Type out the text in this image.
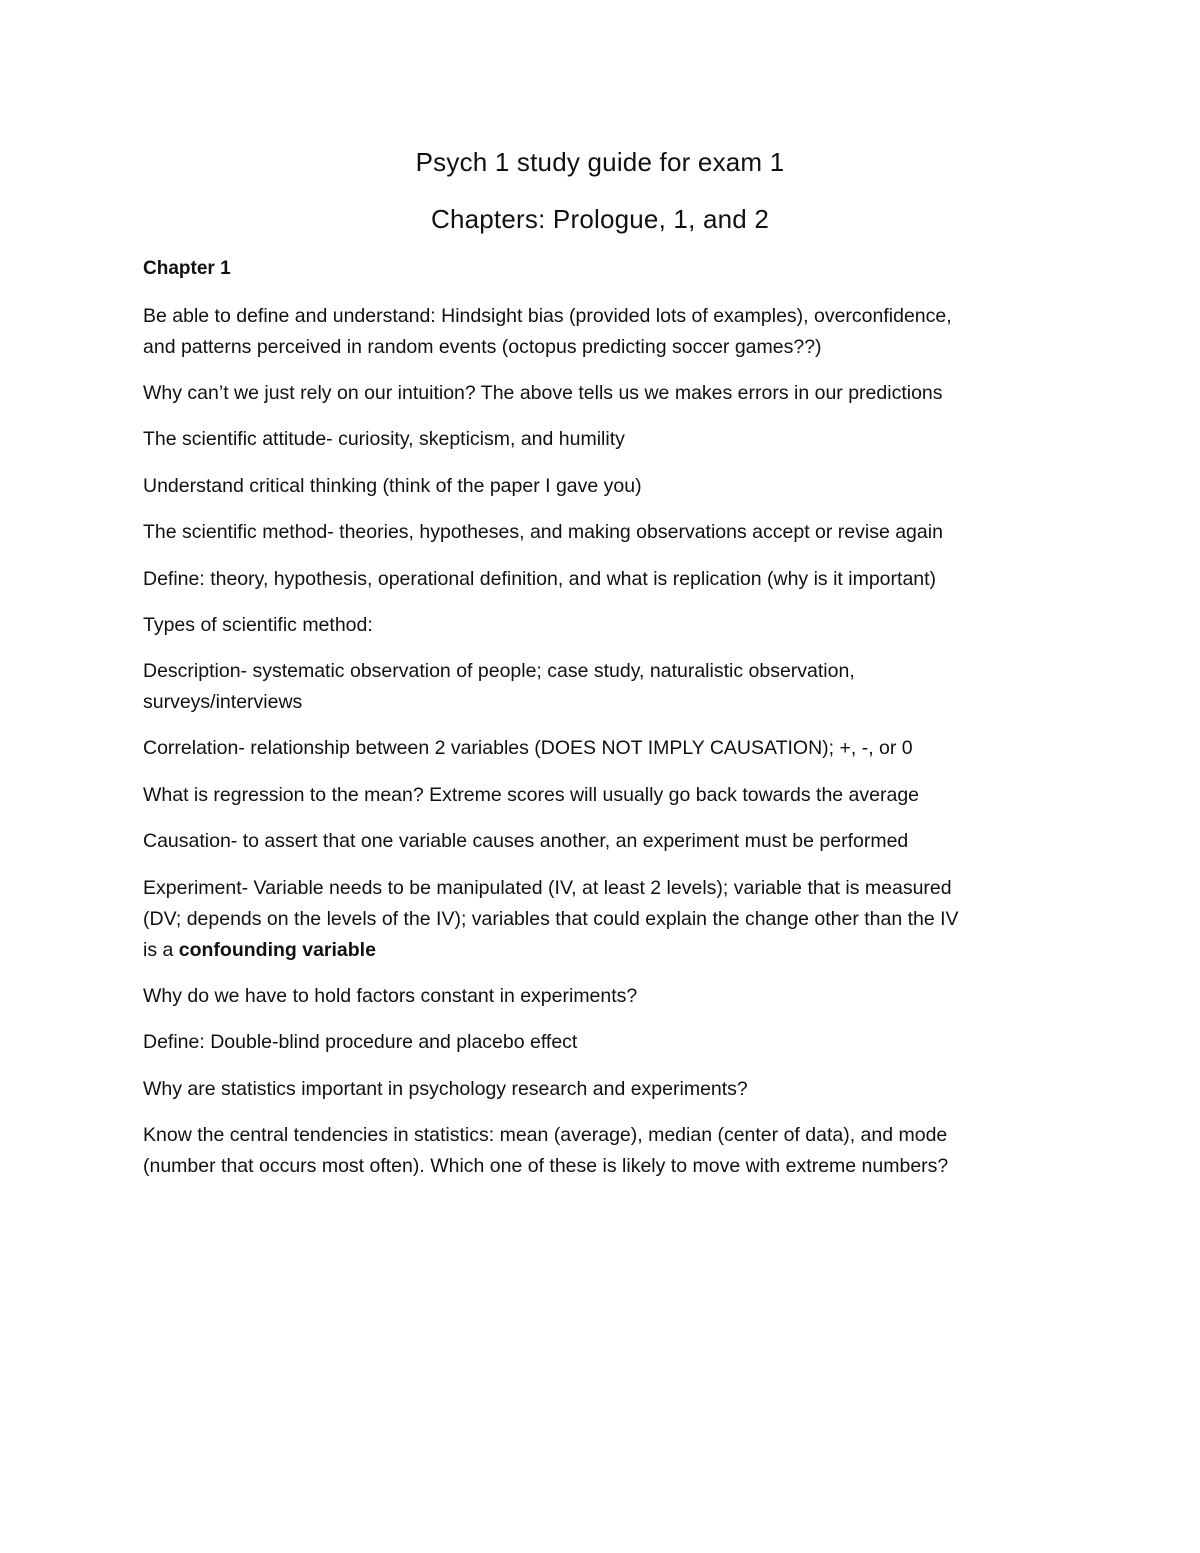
Psych 1 study guide for exam 1
Chapters: Prologue, 1, and 2
Chapter 1
Be able to define and understand: Hindsight bias (provided lots of examples), overconfidence,
and patterns perceived in random events (octopus predicting soccer games??)
Why can’t we just rely on our intuition? The above tells us we makes errors in our predictions
The scientific attitude- curiosity, skepticism, and humility
Understand critical thinking (think of the paper I gave you)
The scientific method- theories, hypotheses, and making observations accept or revise again
Define: theory, hypothesis, operational definition, and what is replication (why is it important)
Types of scientific method:
Description- systematic observation of people; case study, naturalistic observation,
surveys/interviews
Correlation- relationship between 2 variables (DOES NOT IMPLY CAUSATION); +, -, or 0
What is regression to the mean? Extreme scores will usually go back towards the average
Causation- to assert that one variable causes another, an experiment must be performed
Experiment- Variable needs to be manipulated (IV, at least 2 levels); variable that is measured
(DV; depends on the levels of the IV); variables that could explain the change other than the IV
is a confounding variable
Why do we have to hold factors constant in experiments?
Define: Double-blind procedure and placebo effect
Why are statistics important in psychology research and experiments?
Know the central tendencies in statistics: mean (average), median (center of data), and mode
(number that occurs most often). Which one of these is likely to move with extreme numbers?
